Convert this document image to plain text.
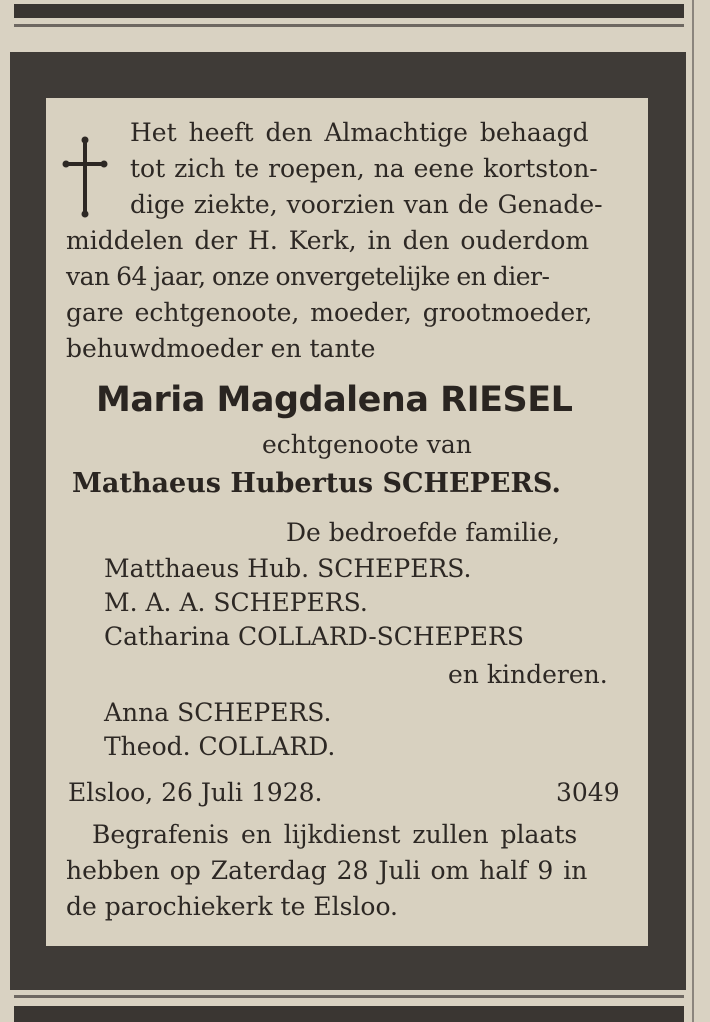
Het heeft den Almachtige behaagd
tot zich te roepen, na eene kortston-
dige ziekte, voorzien van de Genade-
middelen der H. Kerk, in den ouderdom
van 64 jaar, onze onvergetelijke en dier-
gare echtgenoote, moeder, grootmoeder,
behuwdmoeder en tante
Maria Magdalena RIESEL
echtgenoote van
Mathaeus Hubertus SCHEPERS.
De bedroefde familie,
Matthaeus Hub. SCHEPERS.
M. A. A. SCHEPERS.
Catharina COLLARD-SCHEPERS
en kinderen.
Anna SCHEPERS.
Theod. COLLARD.
Elsloo, 26 Juli 1928.	3049
Begrafenis en lijkdienst zullen plaats
hebben op Zaterdag 28 Juli om half 9 in
de parochiekerk te Elsloo.
